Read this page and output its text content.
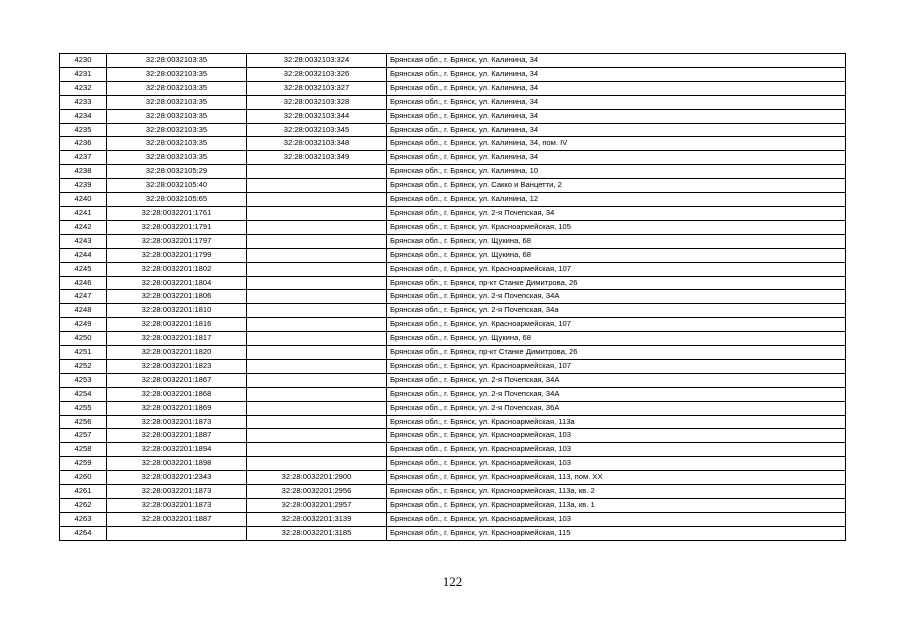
4230	32:28:0032103:35	32:28:0032103:324	Брянская обл., г. Брянск, ул. Калинина, 34
4231	32:28:0032103:35	32:28:0032103:326	Брянская обл., г. Брянск, ул. Калинина, 34
4232	32:28:0032103:35	32:28:0032103:327	Брянская обл., г. Брянск, ул. Калинина, 34
4233	32:28:0032103:35	32:28:0032103:328	Брянская обл., г. Брянск, ул. Калинина, 34
4234	32:28:0032103:35	32:28:0032103:344	Брянская обл., г. Брянск, ул. Калинина, 34
4235	32:28:0032103:35	32:28:0032103:345	Брянская обл., г. Брянск, ул. Калинина, 34
4236	32:28:0032103:35	32:28:0032103:348	Брянская обл., г. Брянск, ул. Калинина, 34, пом. IV
4237	32:28:0032103:35	32:28:0032103:349	Брянская обл., г. Брянск, ул. Калинина, 34
4238	32:28:0032105:29		Брянская обл., г. Брянск, ул. Калинина, 10
4239	32:28:0032105:40		Брянская обл., г. Брянск, ул. Сакко и Ванцетти, 2
4240	32:28:0032105:65		Брянская обл., г. Брянск, ул. Калинина, 12
4241	32:28:0032201:1761		Брянская обл., г. Брянск, ул. 2-я Почепская, 34
4242	32:28:0032201:1791		Брянская обл., г. Брянск, ул. Красноармейская, 105
4243	32:28:0032201:1797		Брянская обл., г. Брянск, ул. Щукина, 68
4244	32:28:0032201:1799		Брянская обл., г. Брянск, ул. Щукина, 68
4245	32:28:0032201:1802		Брянская обл., г. Брянск, ул. Красноармейская, 107
4246	32:28:0032201:1804		Брянская обл., г. Брянск, пр-кт Станке Димитрова, 26
4247	32:28:0032201:1806		Брянская обл., г. Брянск, ул. 2-я Почепская, 34А
4248	32:28:0032201:1810		Брянская обл., г. Брянск, ул. 2-я Почепская, 34а
4249	32:28:0032201:1816		Брянская обл., г. Брянск, ул. Красноармейская, 107
4250	32:28:0032201:1817		Брянская обл., г. Брянск, ул. Щукина, 68
4251	32:28:0032201:1820		Брянская обл., г. Брянск, пр-кт Станке Димитрова, 26
4252	32:28:0032201:1823		Брянская обл., г. Брянск, ул. Красноармейская, 107
4253	32:28:0032201:1867		Брянская обл., г. Брянск, ул. 2-я Почепская, 34А
4254	32:28:0032201:1868		Брянская обл., г. Брянск, ул. 2-я Почепская, 34А
4255	32:28:0032201:1869		Брянская обл., г. Брянск, ул. 2-я Почепская, 36А
4256	32:28:0032201:1873		Брянская обл., г. Брянск, ул. Красноармейская, 113а
4257	32:28:0032201:1887		Брянская обл., г. Брянск, ул. Красноармейская, 103
4258	32:28:0032201:1894		Брянская обл., г. Брянск, ул. Красноармейская, 103
4259	32:28:0032201:1898		Брянская обл., г. Брянск, ул. Красноармейская, 103
4260	32:28:0032201:2343	32:28:0032201:2900	Брянская обл., г. Брянск, ул. Красноармейская, 113, пом. XX
4261	32:28:0032201:1873	32:28:0032201:2956	Брянская обл., г. Брянск, ул. Красноармейская, 113а, кв. 2
4262	32:28:0032201:1873	32:28:0032201:2957	Брянская обл., г. Брянск, ул. Красноармейская, 113а, кв. 1
4263	32:28:0032201:1887	32:28:0032201:3139	Брянская обл., г. Брянск, ул. Красноармейская, 103
4264		32:28:0032201:3185	Брянская обл., г. Брянск, ул. Красноармейская, 115
122
